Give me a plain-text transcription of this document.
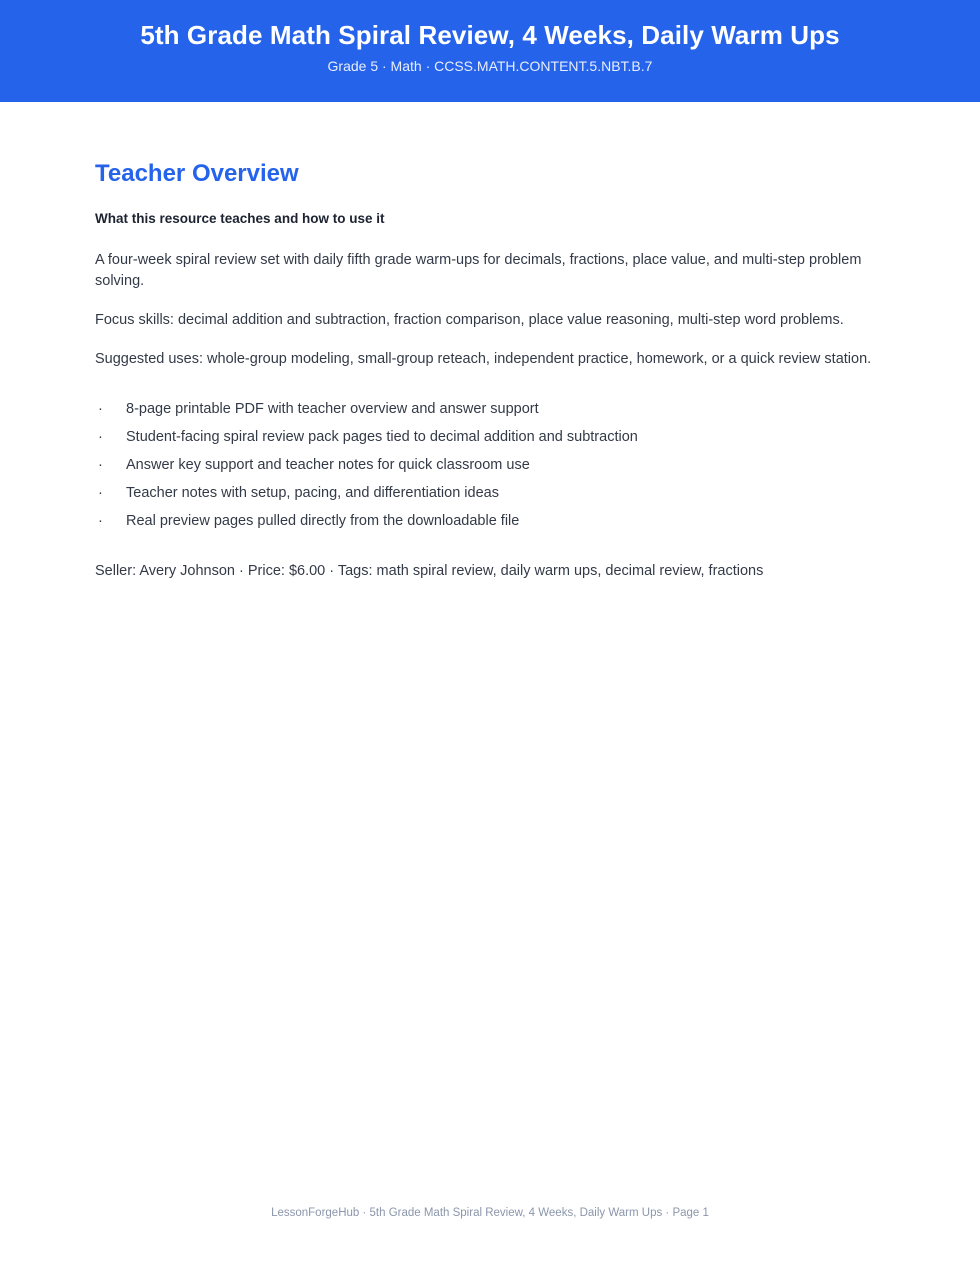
5th Grade Math Spiral Review, 4 Weeks, Daily Warm Ups

Grade 5 · Math · CCSS.MATH.CONTENT.5.NBT.B.7

Teacher Overview

What this resource teaches and how to use it

A four-week spiral review set with daily fifth grade warm-ups for decimals, fractions, place value, and multi-step problem solving.

Focus skills: decimal addition and subtraction, fraction comparison, place value reasoning, multi-step word problems.

Suggested uses: whole-group modeling, small-group reteach, independent practice, homework, or a quick review station.

· 8-page printable PDF with teacher overview and answer support
· Student-facing spiral review pack pages tied to decimal addition and subtraction
· Answer key support and teacher notes for quick classroom use
· Teacher notes with setup, pacing, and differentiation ideas
· Real preview pages pulled directly from the downloadable file

Seller: Avery Johnson · Price: $6.00 · Tags: math spiral review, daily warm ups, decimal review, fractions

LessonForgeHub · 5th Grade Math Spiral Review, 4 Weeks, Daily Warm Ups · Page 1
